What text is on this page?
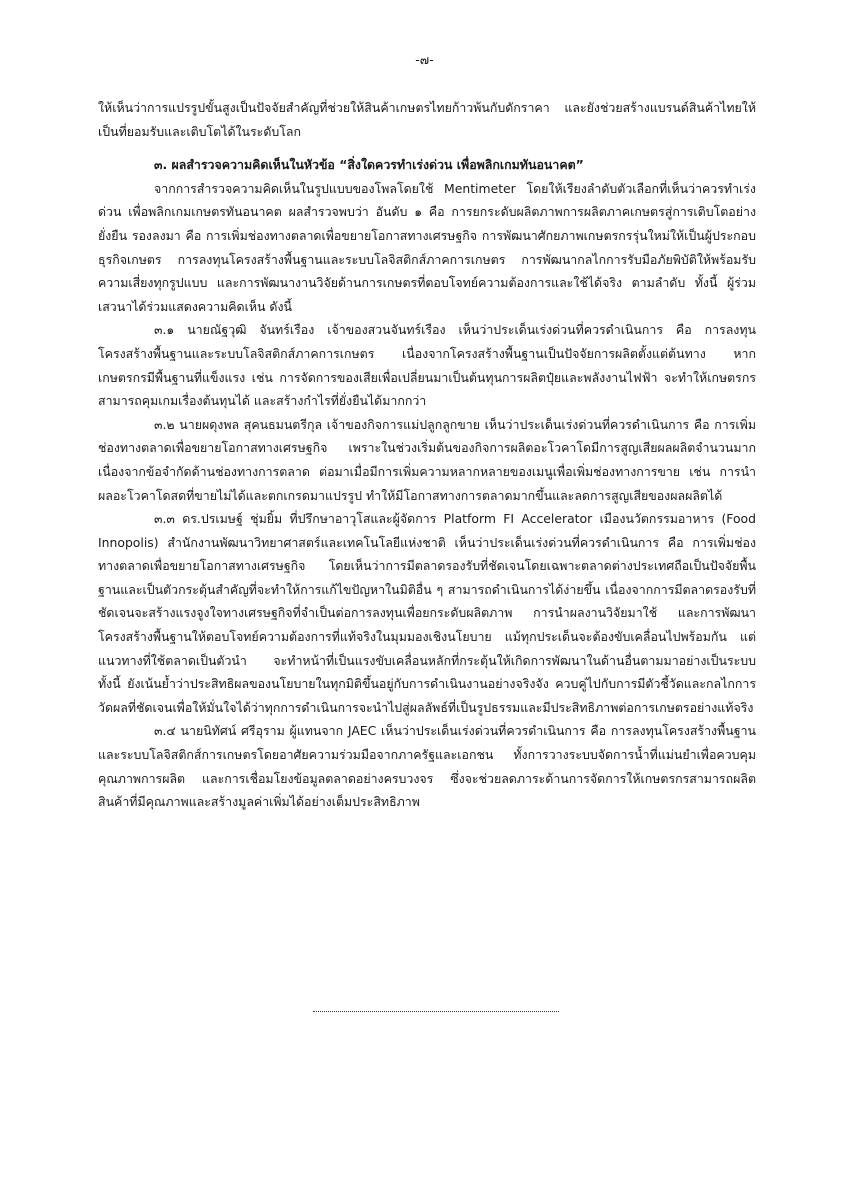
-๗-

ให้เห็นว่าการแปรรูปขั้นสูงเป็นปัจจัยสำคัญที่ช่วยให้สินค้าเกษตรไทยก้าวพ้นกับดักราคา และยังช่วยสร้างแบรนด์สินค้าไทยให้เป็นที่ยอมรับและเติบโตได้ในระดับโลก

๓. ผลสำรวจความคิดเห็นในหัวข้อ “สิ่งใดควรทำเร่งด่วน เพื่อพลิกเกมทันอนาคต”

จากการสำรวจความคิดเห็นในรูปแบบของโพลโดยใช้ Mentimeter โดยให้เรียงลำดับตัวเลือกที่เห็นว่าควรทำเร่งด่วน เพื่อพลิกเกมเกษตรทันอนาคต ผลสำรวจพบว่า อันดับ ๑ คือ การยกระดับผลิตภาพการผลิตภาคเกษตรสู่การเติบโตอย่างยั่งยืน รองลงมา คือ การเพิ่มช่องทางตลาดเพื่อขยายโอกาสทางเศรษฐกิจ การพัฒนาศักยภาพเกษตรกรรุ่นใหม่ให้เป็นผู้ประกอบธุรกิจเกษตร การลงทุนโครงสร้างพื้นฐานและระบบโลจิสติกส์ภาคการเกษตร การพัฒนากลไกการรับมือภัยพิบัติให้พร้อมรับความเสี่ยงทุกรูปแบบ และการพัฒนางานวิจัยด้านการเกษตรที่ตอบโจทย์ความต้องการและใช้ได้จริง ตามลำดับ ทั้งนี้ ผู้ร่วมเสวนาได้ร่วมแสดงความคิดเห็น ดังนี้

๓.๑ นายณัฐวุฒิ จันทร์เรือง เจ้าของสวนจันทร์เรือง เห็นว่าประเด็นเร่งด่วนที่ควรดำเนินการ คือ การลงทุนโครงสร้างพื้นฐานและระบบโลจิสติกส์ภาคการเกษตร เนื่องจากโครงสร้างพื้นฐานเป็นปัจจัยการผลิตตั้งแต่ต้นทาง หากเกษตรกรมีพื้นฐานที่แข็งแรง เช่น การจัดการของเสียเพื่อเปลี่ยนมาเป็นต้นทุนการผลิตปุ๋ยและพลังงานไฟฟ้า จะทำให้เกษตรกรสามารถคุมเกมเรื่องต้นทุนได้ และสร้างกำไรที่ยั่งยืนได้มากกว่า

๓.๒ นายผดุงพล สุคนธมนตรีกุล เจ้าของกิจการแม่ปลูกลูกขาย เห็นว่าประเด็นเร่งด่วนที่ควรดำเนินการ คือ การเพิ่มช่องทางตลาดเพื่อขยายโอกาสทางเศรษฐกิจ เพราะในช่วงเริ่มต้นของกิจการผลิตอะโวคาโดมีการสูญเสียผลผลิตจำนวนมาก เนื่องจากข้อจำกัดด้านช่องทางการตลาด ต่อมาเมื่อมีการเพิ่มความหลากหลายของเมนูเพื่อเพิ่มช่องทางการขาย เช่น การนำผลอะโวคาโดสดที่ขายไม่ได้และตกเกรดมาแปรรูป ทำให้มีโอกาสทางการตลาดมากขึ้นและลดการสูญเสียของผลผลิตได้

๓.๓ ดร.ปรเมษฐ์ ชุ่มยิ้ม ที่ปรึกษาอาวุโสและผู้จัดการ Platform FI Accelerator เมืองนวัตกรรมอาหาร (Food Innopolis) สำนักงานพัฒนาวิทยาศาสตร์และเทคโนโลยีแห่งชาติ เห็นว่าประเด็นเร่งด่วนที่ควรดำเนินการ คือ การเพิ่มช่องทางตลาดเพื่อขยายโอกาสทางเศรษฐกิจ โดยเห็นว่าการมีตลาดรองรับที่ชัดเจนโดยเฉพาะตลาดต่างประเทศถือเป็นปัจจัยพื้นฐานและเป็นตัวกระตุ้นสำคัญที่จะทำให้การแก้ไขปัญหาในมิติอื่น ๆ สามารถดำเนินการได้ง่ายขึ้น เนื่องจากการมีตลาดรองรับที่ชัดเจนจะสร้างแรงจูงใจทางเศรษฐกิจที่จำเป็นต่อการลงทุนเพื่อยกระดับผลิตภาพ การนำผลงานวิจัยมาใช้ และการพัฒนาโครงสร้างพื้นฐานให้ตอบโจทย์ความต้องการที่แท้จริงในมุมมองเชิงนโยบาย แม้ทุกประเด็นจะต้องขับเคลื่อนไปพร้อมกัน แต่แนวทางที่ใช้ตลาดเป็นตัวนำ จะทำหน้าที่เป็นแรงขับเคลื่อนหลักที่กระตุ้นให้เกิดการพัฒนาในด้านอื่นตามมาอย่างเป็นระบบ ทั้งนี้ ยังเน้นย้ำว่าประสิทธิผลของนโยบายในทุกมิติขึ้นอยู่กับการดำเนินงานอย่างจริงจัง ควบคู่ไปกับการมีตัวชี้วัดและกลไกการวัดผลที่ชัดเจนเพื่อให้มั่นใจได้ว่าทุกการดำเนินการจะนำไปสู่ผลลัพธ์ที่เป็นรูปธรรมและมีประสิทธิภาพต่อการเกษตรอย่างแท้จริง

๓.๔ นายนิทัศน์ ศรีอุราม ผู้แทนจาก JAEC เห็นว่าประเด็นเร่งด่วนที่ควรดำเนินการ คือ การลงทุนโครงสร้างพื้นฐานและระบบโลจิสติกส์การเกษตรโดยอาศัยความร่วมมือจากภาครัฐและเอกชน ทั้งการวางระบบจัดการน้ำที่แม่นยำเพื่อควบคุมคุณภาพการผลิต และการเชื่อมโยงข้อมูลตลาดอย่างครบวงจร ซึ่งจะช่วยลดภาระด้านการจัดการให้เกษตรกรสามารถผลิตสินค้าที่มีคุณภาพและสร้างมูลค่าเพิ่มได้อย่างเต็มประสิทธิภาพ
